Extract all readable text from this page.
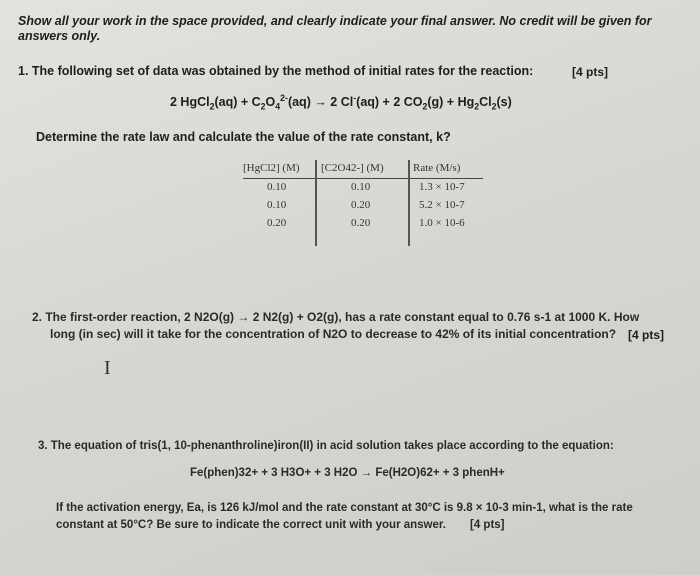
Show all your work in the space provided, and clearly indicate your final answer. No credit will be given for answers only.
1. The following set of data was obtained by the method of initial rates for the reaction:	[4 pts]
2 HgCl$_2$(aq) + $C_2O_4^{2-}(aq) \to 2$ Cl-(aq) + 2 $CO_2(g) + Hg_2Cl_2(s)$
Determine the rate law and calculate the value of the rate constant, k?
[HgCl2] (M)	[C2O42-] (M)	Rate (M/s)
0.10	0.10	1.3 × 10-7
0.10	0.20	5.2 × 10-7
0.20	0.20	1.0 × 10-6
2. The first-order reaction, 2 N2O(g) → 2 N2(g) + O2(g), has a rate constant equal to 0.76 s-1 at 1000 K. How
long (in sec) will it take for the concentration of N2O to decrease to 42% of its initial concentration? [4 pts]
I
3. The equation of tris(1, 10-phenanthroline)iron(II) in acid solution takes place according to the equation:
Fe(phen)32+ + 3 H3O+ + 3 H2O → Fe(H2O)62+ + 3 phenH+
If the activation energy, Ea, is 126 kJ/mol and the rate constant at 30°C is 9.8 × 10-3 min-1, what is the rate
constant at 50°C? Be sure to indicate the correct unit with your answer. [4 pts]
